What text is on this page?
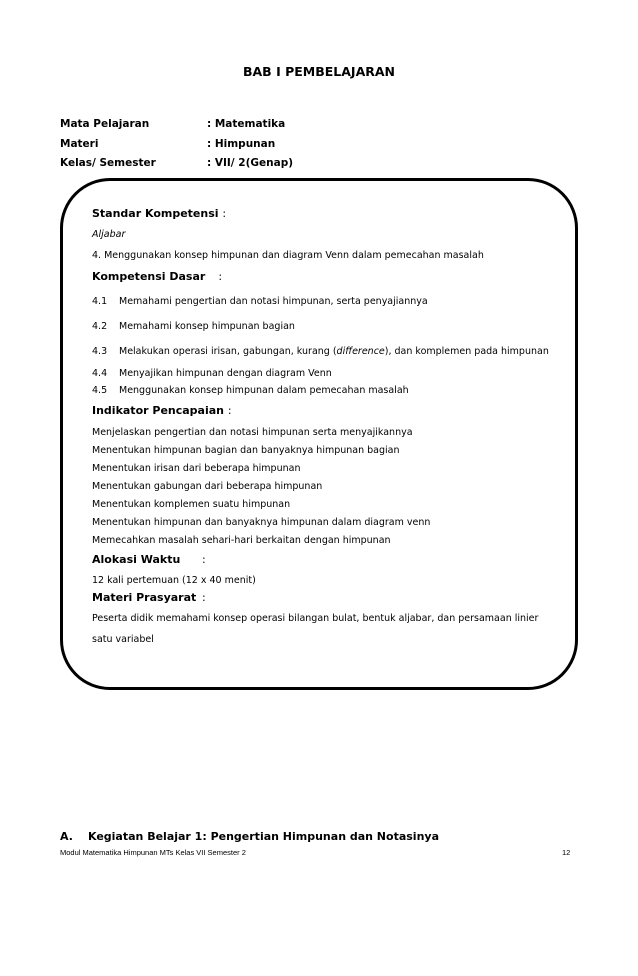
BAB I PEMBELAJARAN
Mata Pelajaran	: Matematika
Materi	: Himpunan
Kelas/ Semester	: VII/ 2(Genap)
Standar Kompetensi :
Aljabar
4. Menggunakan konsep himpunan dan diagram Venn dalam pemecahan masalah
Kompetensi Dasar :
4.1 Memahami pengertian dan notasi himpunan, serta penyajiannya
4.2 Memahami konsep himpunan bagian
4.3 Melakukan operasi irisan, gabungan, kurang (difference), dan komplemen pada himpunan
4.4 Menyajikan himpunan dengan diagram Venn
4.5 Menggunakan konsep himpunan dalam pemecahan masalah
Indikator Pencapaian :
Menjelaskan pengertian dan notasi himpunan serta menyajikannya
Menentukan himpunan bagian dan banyaknya himpunan bagian
Menentukan irisan dari beberapa himpunan
Menentukan gabungan dari beberapa himpunan
Menentukan komplemen suatu himpunan
Menentukan himpunan dan banyaknya himpunan dalam diagram venn
Memecahkan masalah sehari-hari berkaitan dengan himpunan
Alokasi Waktu :
12 kali pertemuan (12 x 40 menit)
Materi Prasyarat :
Peserta didik memahami konsep operasi bilangan bulat, bentuk aljabar, dan persamaan linier
satu variabel
A. Kegiatan Belajar 1: Pengertian Himpunan dan Notasinya
Modul Matematika Himpunan MTs Kelas VII Semester 2	12
